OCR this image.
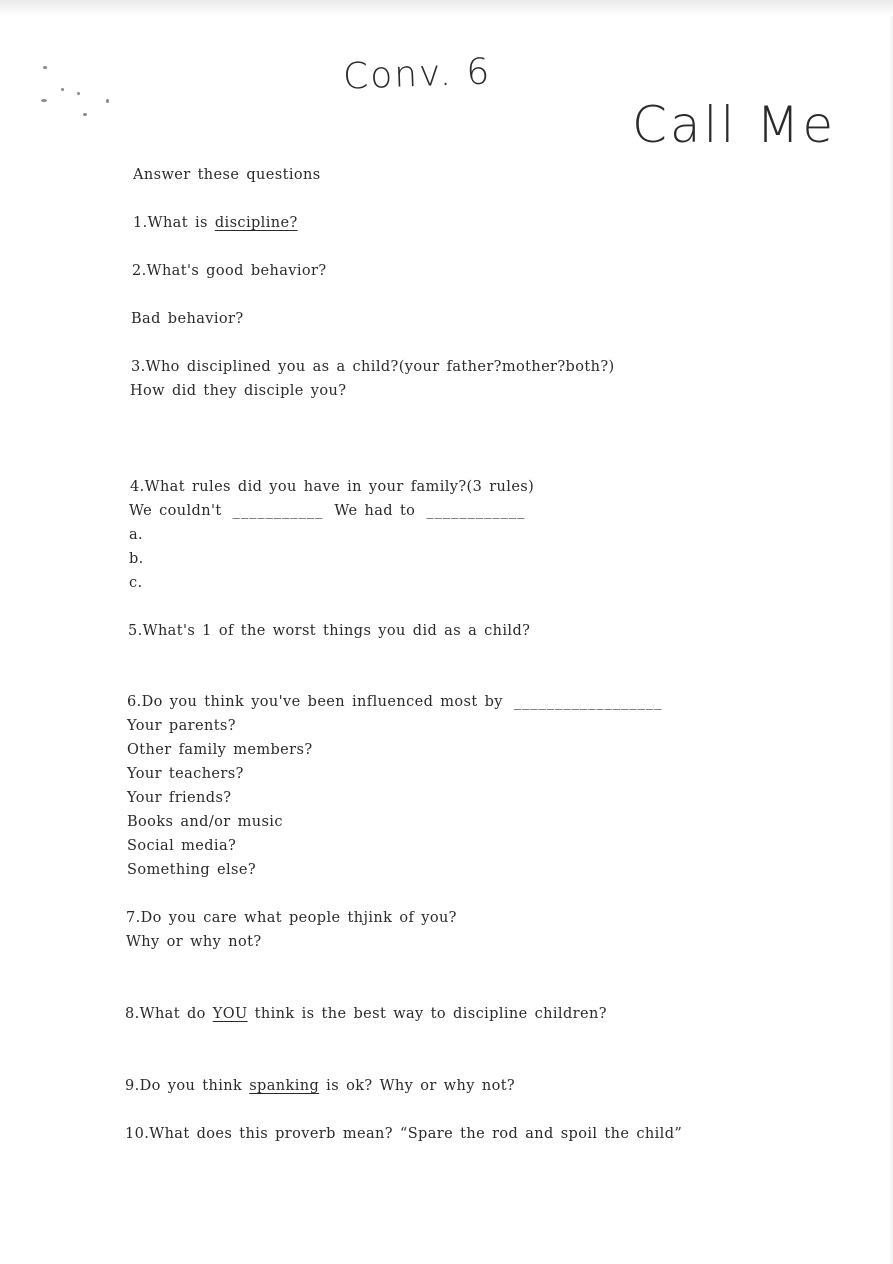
Conv. 6
Call Me
Answer these questions
1.What is discipline?
2.What's good behavior?
Bad behavior?
3.Who disciplined you as a child?(your father?mother?both?)
How did they disciple you?
4.What rules did you have in your family?(3 rules)
We couldn't ___________ We had to ____________
a.
b.
c.
5.What's 1 of the worst things you did as a child?
6.Do you think you've been influenced most by __________________
Your parents?
Other family members?
Your teachers?
Your friends?
Books and/or music
Social media?
Something else?
7.Do you care what people thjink of you?
Why or why not?
8.What do YOU think is the best way to discipline children?
9.Do you think spanking is ok? Why or why not?
10.What does this proverb mean? “Spare the rod and spoil the child”
